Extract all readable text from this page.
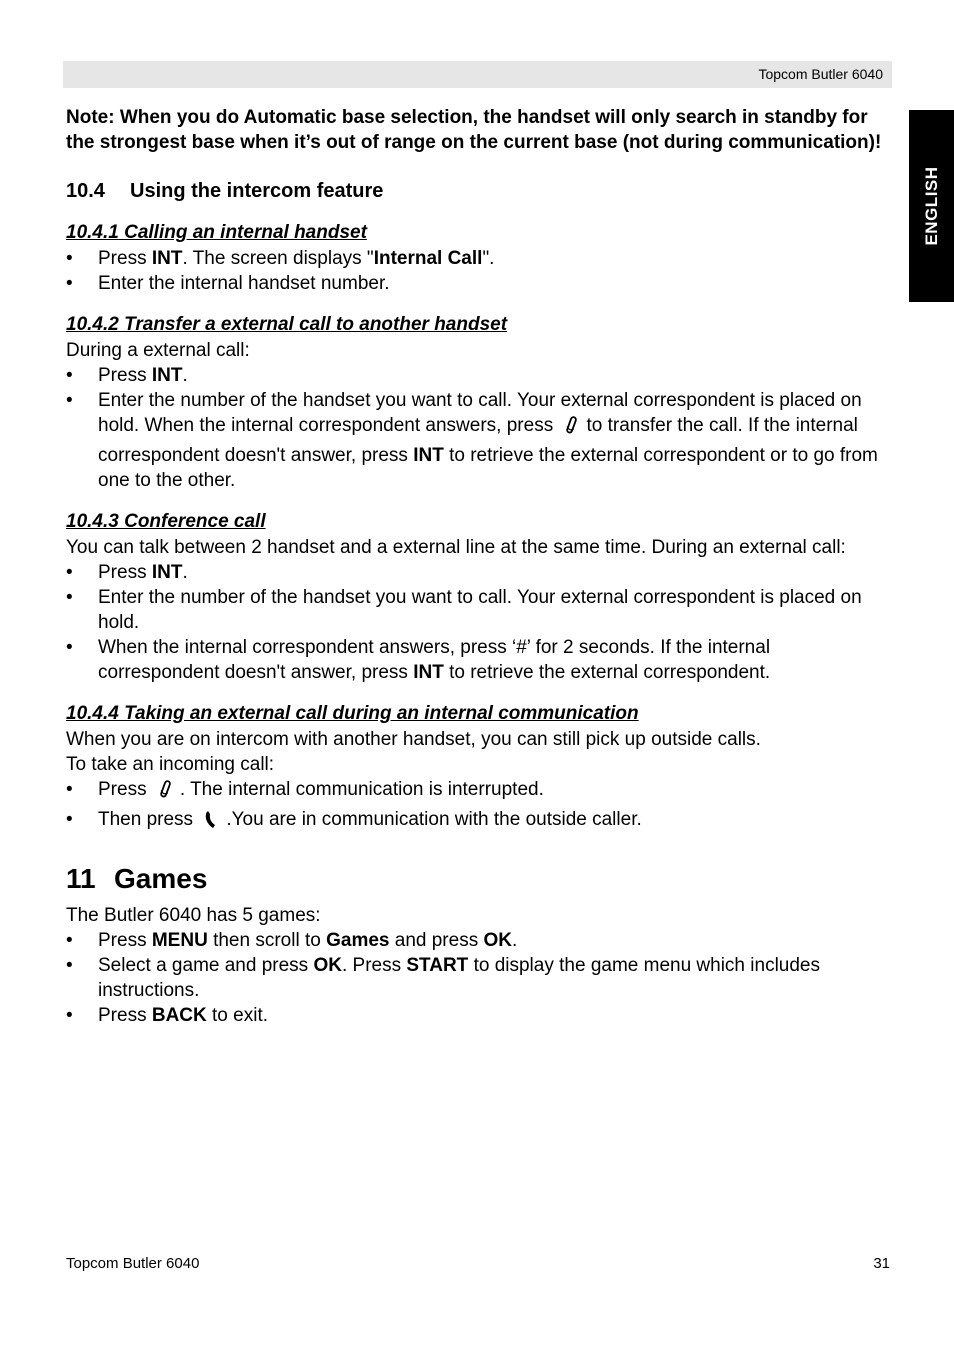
Topcom Butler 6040
ENGLISH

Note: When you do Automatic base selection, the handset will only search in standby for the strongest base when it’s out of range on the current base (not during communication)!

10.4 Using the intercom feature
10.4.1 Calling an internal handset
• Press INT. The screen displays "Internal Call".
• Enter the internal handset number.
10.4.2 Transfer a external call to another handset

During a external call:

• Press INT.
• Enter the number of the handset you want to call. Your external correspondent is placed on hold. When the internal correspondent answers, press to transfer the call. If the internal correspondent doesn't answer, press INT to retrieve the external correspondent or to go from one to the other.
10.4.3 Conference call

You can talk between 2 handset and a external line at the same time. During an external call:

• Press INT.
• Enter the number of the handset you want to call. Your external correspondent is placed on hold.
• When the internal correspondent answers, press ‘#’ for 2 seconds. If the internal correspondent doesn't answer, press INT to retrieve the external correspondent.
10.4.4 Taking an external call during an internal communication

When you are on intercom with another handset, you can still pick up outside calls.

To take an incoming call:

• Press . The internal communication is interrupted.
• Then press .You are in communication with the outside caller.
11 Games

The Butler 6040 has 5 games:

• Press MENU then scroll to Games and press OK.
• Select a game and press OK. Press START to display the game menu which includes instructions.
• Press BACK to exit.
Topcom Butler 6040	31
